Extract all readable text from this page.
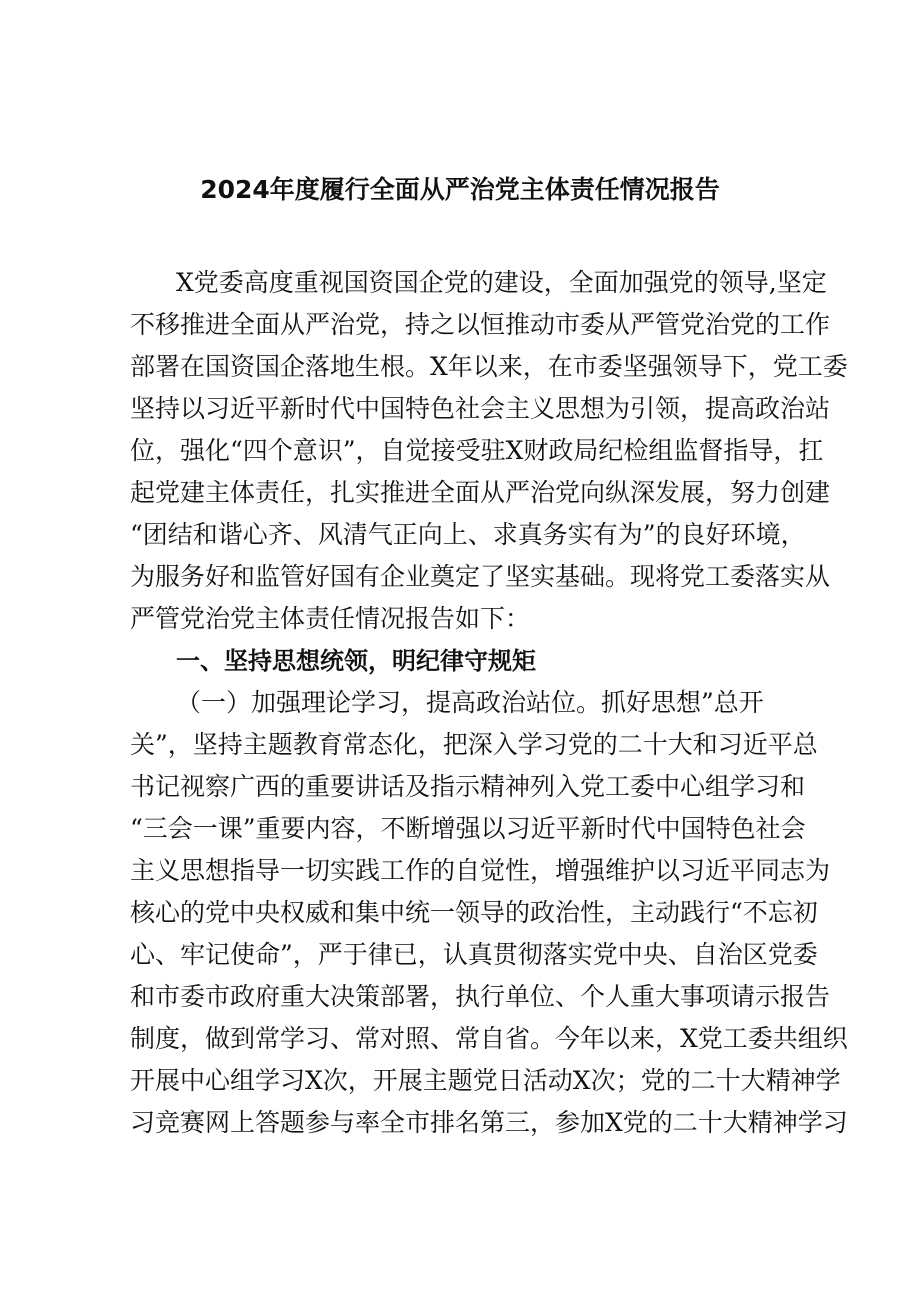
2024年度履行全面从严治党主体责任情况报告
X党委高度重视国资国企党的建设，全面加强党的领导,坚定
不移推进全面从严治党，持之以恒推动市委从严管党治党的工作
部署在国资国企落地生根。X年以来，在市委坚强领导下，党工委
坚持以习近平新时代中国特色社会主义思想为引领，提高政治站
位，强化“四个意识”，自觉接受驻X财政局纪检组监督指导，扛
起党建主体责任，扎实推进全面从严治党向纵深发展，努力创建
“团结和谐心齐、风清气正向上、求真务实有为”的良好环境，
为服务好和监管好国有企业奠定了坚实基础。现将党工委落实从
严管党治党主体责任情况报告如下：
一、坚持思想统领，明纪律守规矩
（一）加强理论学习，提高政治站位。抓好思想”总开
关”，坚持主题教育常态化，把深入学习党的二十大和习近平总
书记视察广西的重要讲话及指示精神列入党工委中心组学习和
“三会一课”重要内容，不断增强以习近平新时代中国特色社会
主义思想指导一切实践工作的自觉性，增强维护以习近平同志为
核心的党中央权威和集中统一领导的政治性，主动践行“不忘初
心、牢记使命”，严于律已，认真贯彻落实党中央、自治区党委
和市委市政府重大决策部署，执行单位、个人重大事项请示报告
制度，做到常学习、常对照、常自省。今年以来，X党工委共组织
开展中心组学习X次，开展主题党日活动X次；党的二十大精神学
习竞赛网上答题参与率全市排名第三，参加X党的二十大精神学习
